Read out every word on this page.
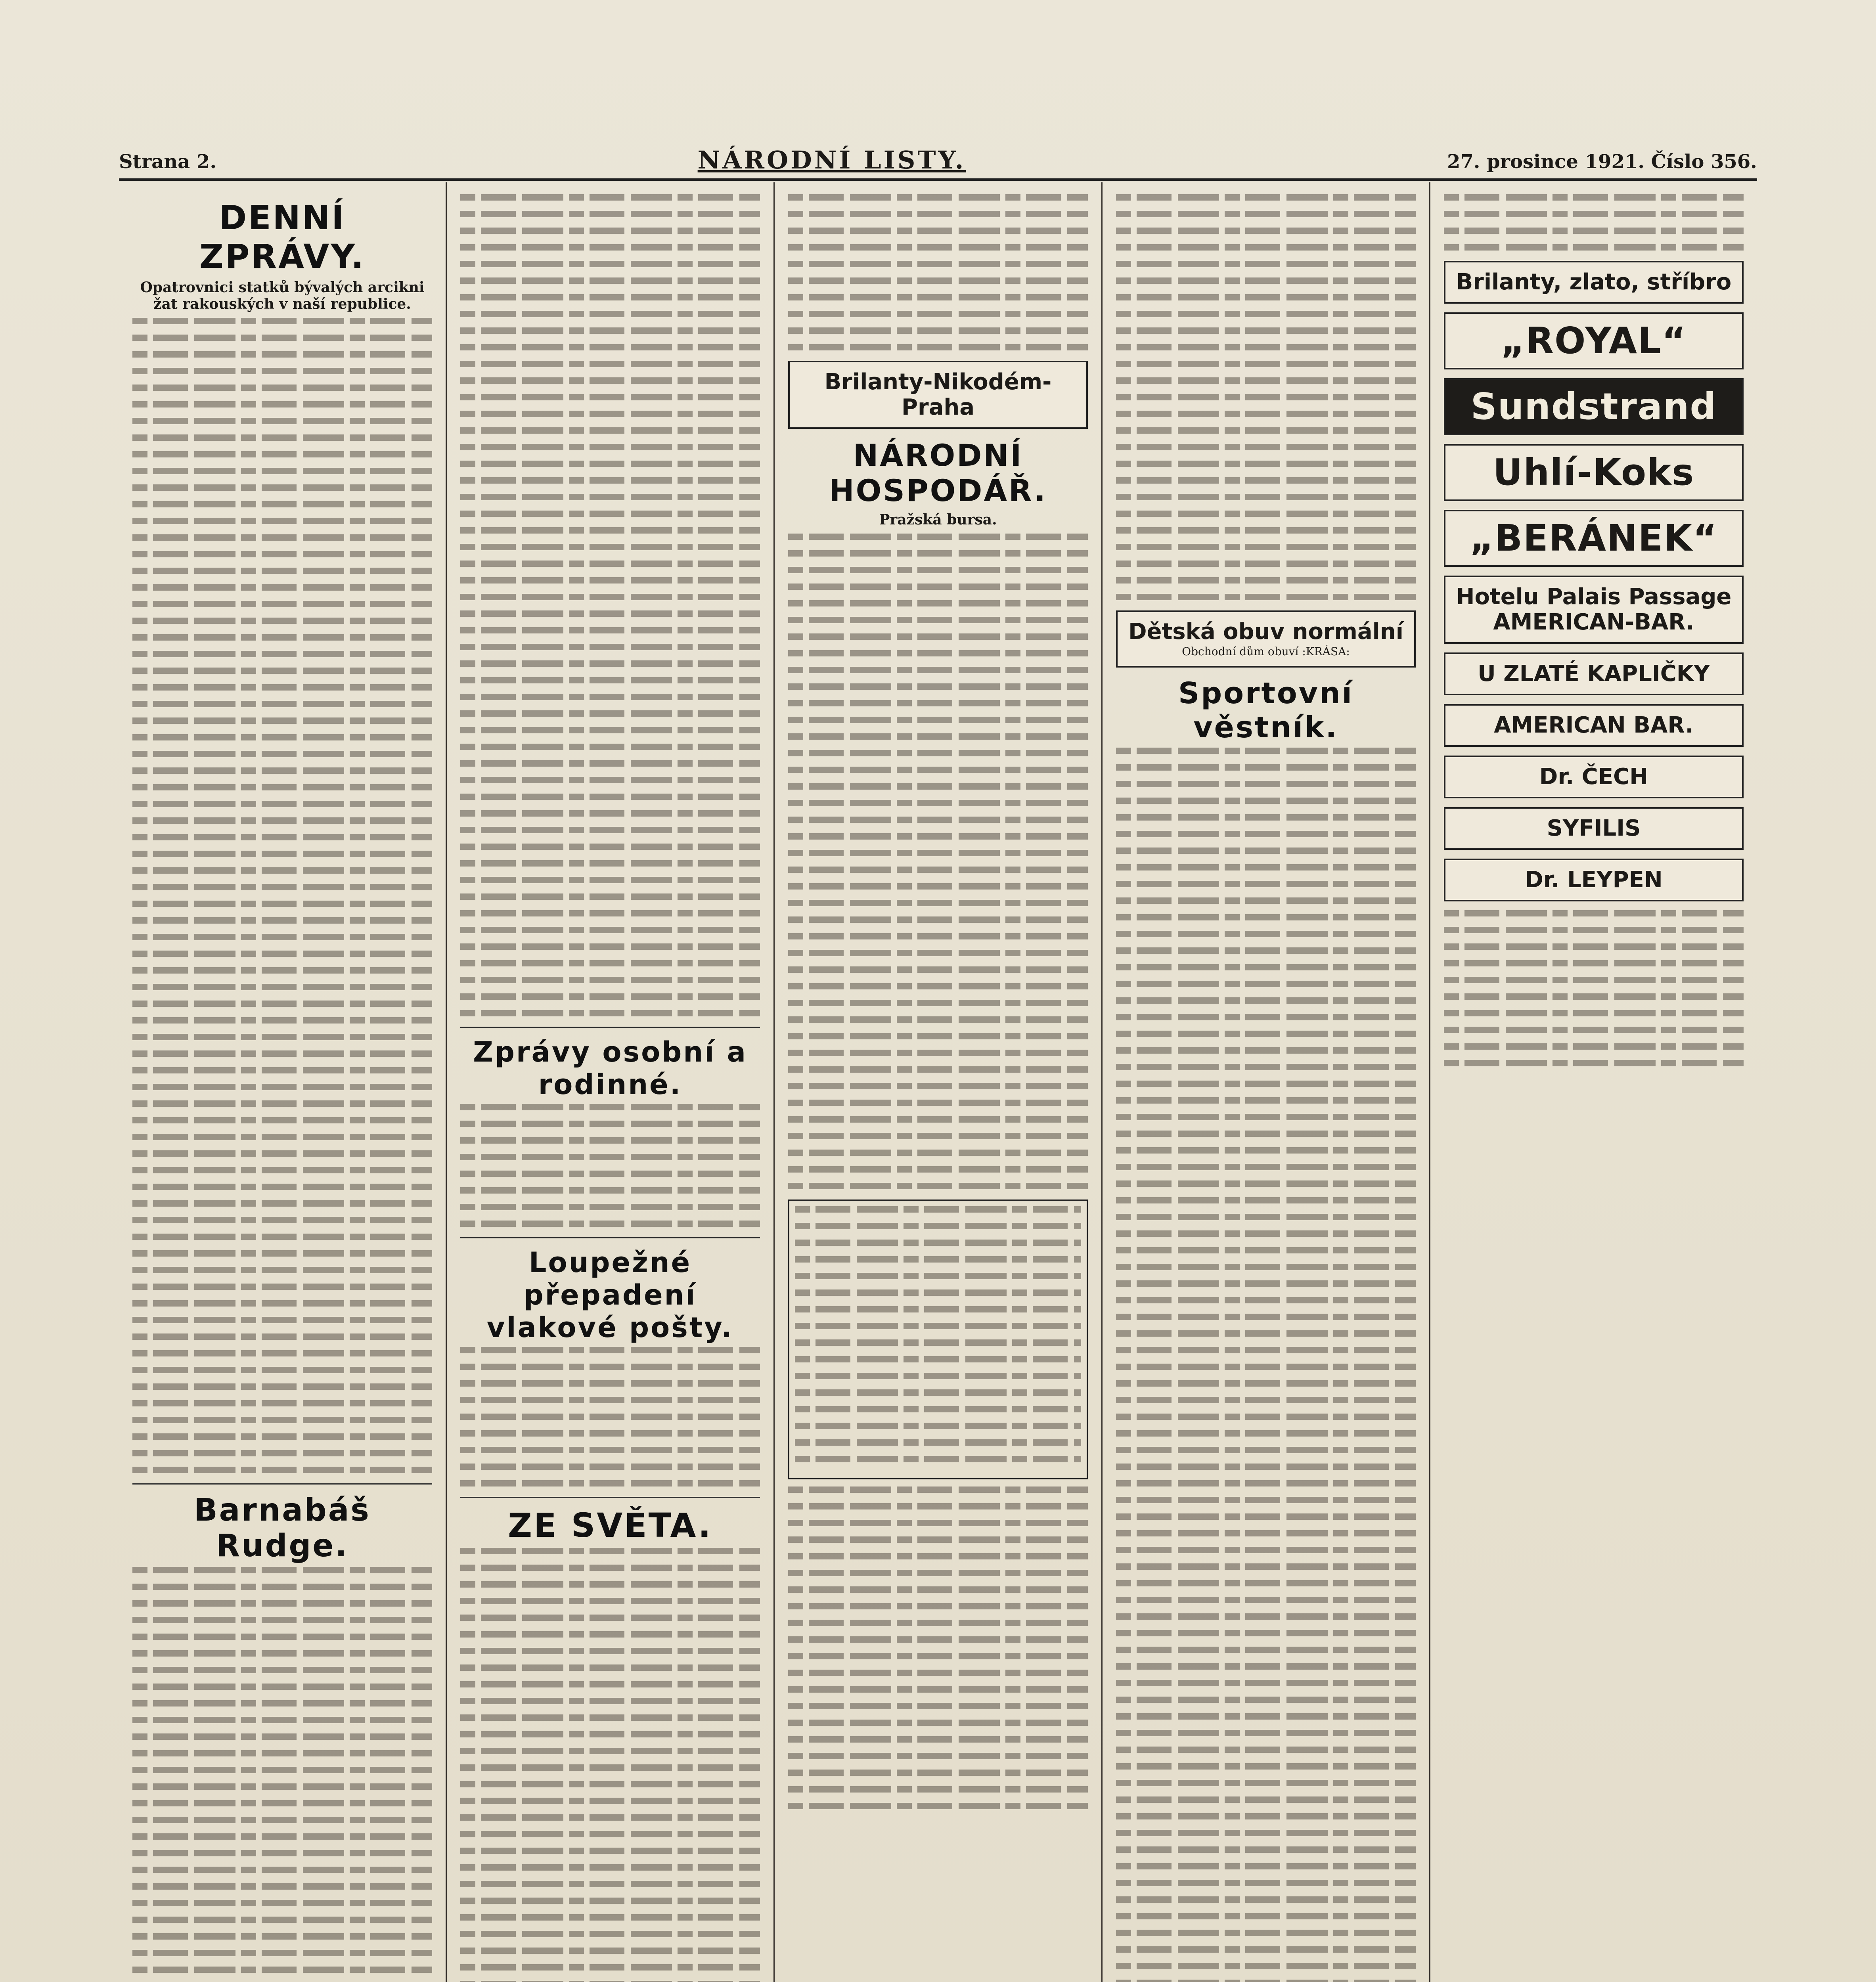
Strana 2.	NÁRODNÍ LISTY.	27. prosince 1921. Číslo 356.
DENNÍ ZPRÁVY.
Opatrovnici statků bývalých arcikni žat rakouských v naší republice.
Barnabáš Rudge.
Zprávy osobní a rodinné.
Loupežné přepadení vlakové pošty.
ZE SVĚTA.
Brilanty-Nikodém-Praha
NÁRODNÍ HOSPODÁŘ.
Pražská bursa.
Dětská obuv normální
Obchodní dům obuví :KRÁSA:
Sportovní věstník.
Brilanty, zlato, stříbro
„ROYAL“
Sundstrand
Uhlí-Koks
„BERÁNEK“
Hotelu Palais Passage
AMERICAN-BAR.
U ZLATÉ KAPLIČKY
AMERICAN BAR.
Dr. ČECH
SYFILIS
Dr. LEYPEN
